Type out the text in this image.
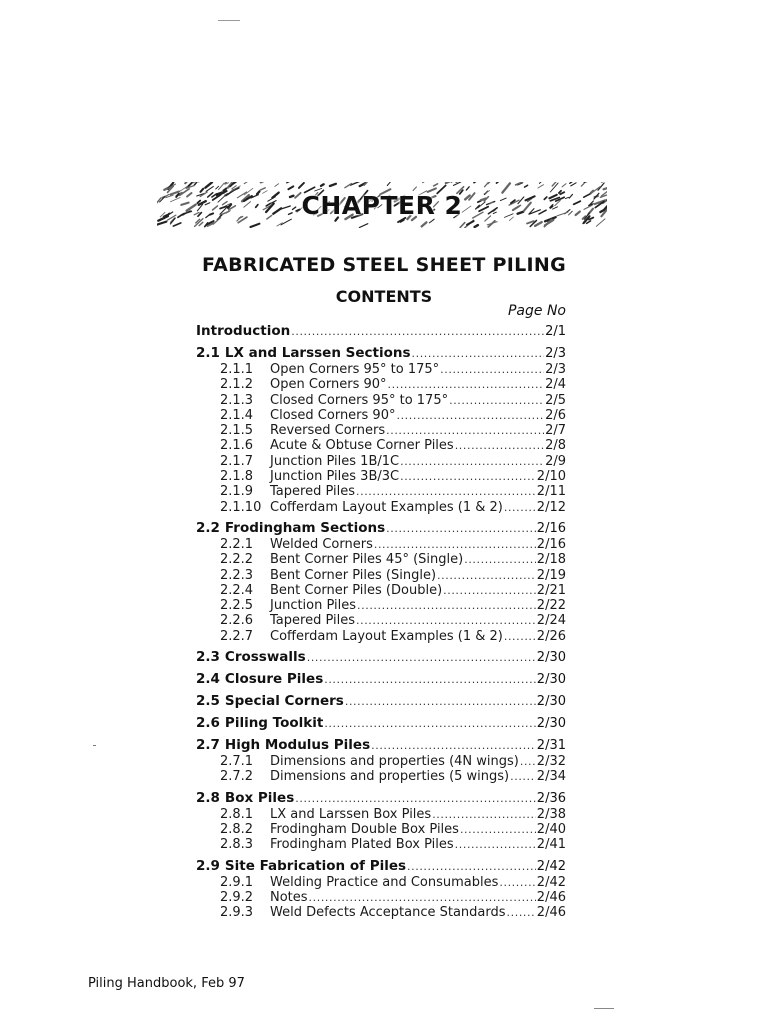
CHAPTER 2
FABRICATED STEEL SHEET PILING
CONTENTS
Page No
Introduction .....	2/1
2.1 LX and Larssen Sections .....	2/3
2.1.1	Open Corners 95° to 175° .....	2/3
2.1.2	Open Corners 90° .....	2/4
2.1.3	Closed Corners 95° to 175° .....	2/5
2.1.4	Closed Corners 90° .....	2/6
2.1.5	Reversed Corners .....	2/7
2.1.6	Acute & Obtuse Corner Piles .....	2/8
2.1.7	Junction Piles 1B/1C .....	2/9
2.1.8	Junction Piles 3B/3C .....	2/10
2.1.9	Tapered Piles .....	2/11
2.1.10 Cofferdam Layout Examples (1 & 2) .....	2/12
2.2 Frodingham Sections .....	2/16
2.2.1	Welded Corners .....	2/16
2.2.2	Bent Corner Piles 45° (Single) .....	2/18
2.2.3	Bent Corner Piles (Single) .....	2/19
2.2.4	Bent Corner Piles (Double) .....	2/21
2.2.5	Junction Piles .....	2/22
2.2.6	Tapered Piles .....	2/24
2.2.7	Cofferdam Layout Examples (1 & 2) .....	2/26
2.3 Crosswalls .....	2/30
2.4 Closure Piles .....	2/30
2.5 Special Corners .....	2/30
2.6 Piling Toolkit .....	2/30
2.7 High Modulus Piles .....	2/31
2.7.1	Dimensions and properties (4N wings) ..... 2/32
2.7.2	Dimensions and properties (5 wings) ..... 2/34
2.8 Box Piles .....	2/36
2.8.1	LX and Larssen Box Piles .....	2/38
2.8.2	Frodingham Double Box Piles .....	2/40
2.8.3	Frodingham Plated Box Piles .....	2/41
2.9 Site Fabrication of Piles .....	2/42
2.9.1	Welding Practice and Consumables .....	2/42
2.9.2	Notes .....	2/46
2.9.3	Weld Defects Acceptance Standards ..... 2/46
Piling Handbook, Feb 97
